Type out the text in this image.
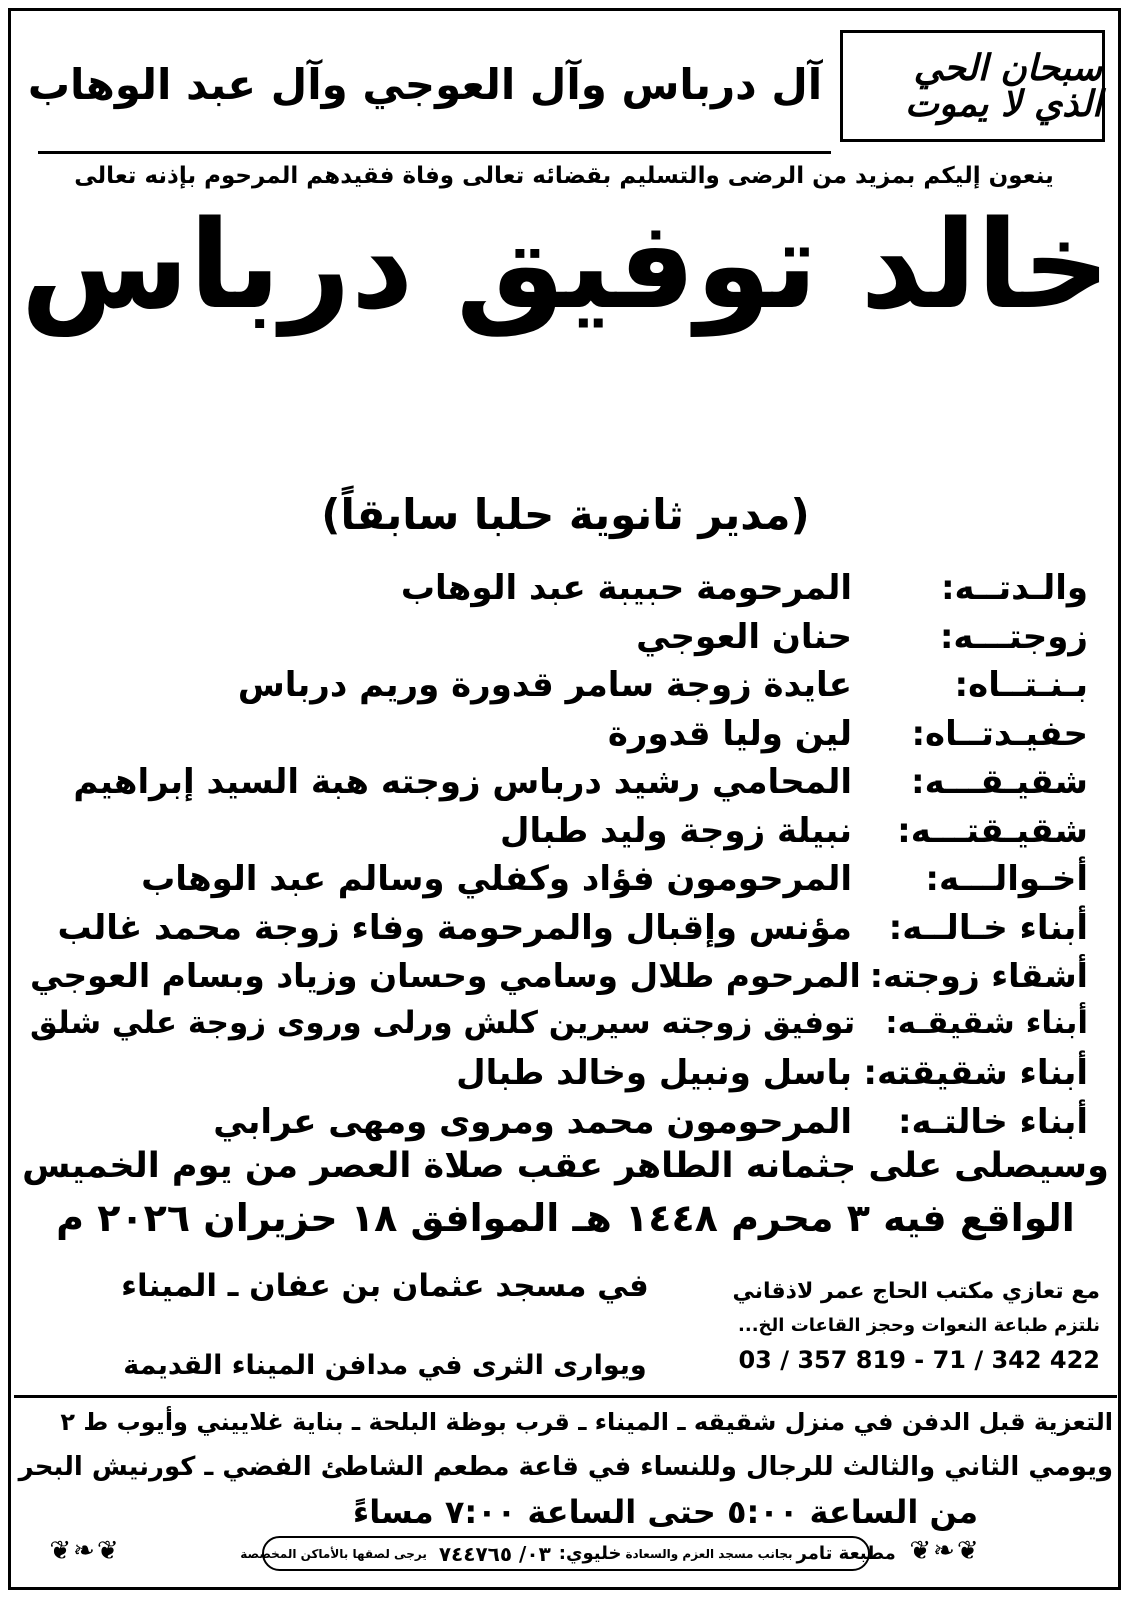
سبحان الحي الذي لا يموت
آل درباس وآل العوجي وآل عبد الوهاب
ينعون إليكم بمزيد من الرضى والتسليم بقضائه تعالى وفاة فقيدهم المرحوم بإذنه تعالى
خالد توفيق درباس
(مدير ثانوية حلبا سابقاً)
والـدتــه:
المرحومة حبيبة عبد الوهاب
زوجتـــه:
حنان العوجي
بـنـتــاه:
عايدة زوجة سامر قدورة وريم درباس
حفيـدتــاه:
لين وليا قدورة
شقيـقـــه:
المحامي رشيد درباس زوجته هبة السيد إبراهيم
شقيـقتـــه:
نبيلة زوجة وليد طبال
أخـوالـــه:
المرحومون فؤاد وكفلي وسالم عبد الوهاب
أبناء خـالــه:
مؤنس وإقبال والمرحومة وفاء زوجة محمد غالب
أشقاء زوجته:
المرحوم طلال وسامي وحسان وزياد وبسام العوجي
أبناء شقيقـه:
توفيق زوجته سيرين كلش ورلى وروى زوجة علي شلق
أبناء شقيقته:
باسل ونبيل وخالد طبال
أبناء خالتـه:
المرحومون محمد ومروى ومهى عرابي
وسيصلى على جثمانه الطاهر عقب صلاة العصر من يوم الخميس
الواقع فيه ٣ محرم ١٤٤٨ هـ الموافق ١٨ حزيران ٢٠٢٦ م
في مسجد عثمان بن عفان ـ الميناء
ويوارى الثرى في مدافن الميناء القديمة
مع تعازي مكتب الحاج عمر لاذقاني
نلتزم طباعة النعوات وحجز القاعات الخ...
03 / 357 819 - 71 / 342 422
التعزية قبل الدفن في منزل شقيقه ـ الميناء ـ قرب بوظة البلحة ـ بناية غلاييني وأيوب ط ٢
ويومي الثاني والثالث للرجال وللنساء في قاعة مطعم الشاطئ الفضي ـ كورنيش البحر
من الساعة ٥:٠٠ حتى الساعة ٧:٠٠ مساءً
❦❧❦	مطبعة تامر
بجانب مسجد العزم والسعادة
خليوي:
٠٣/ ٧٤٤٧٦٥
يرجى لصقها بالأماكن المخصصة	❦❧❦
